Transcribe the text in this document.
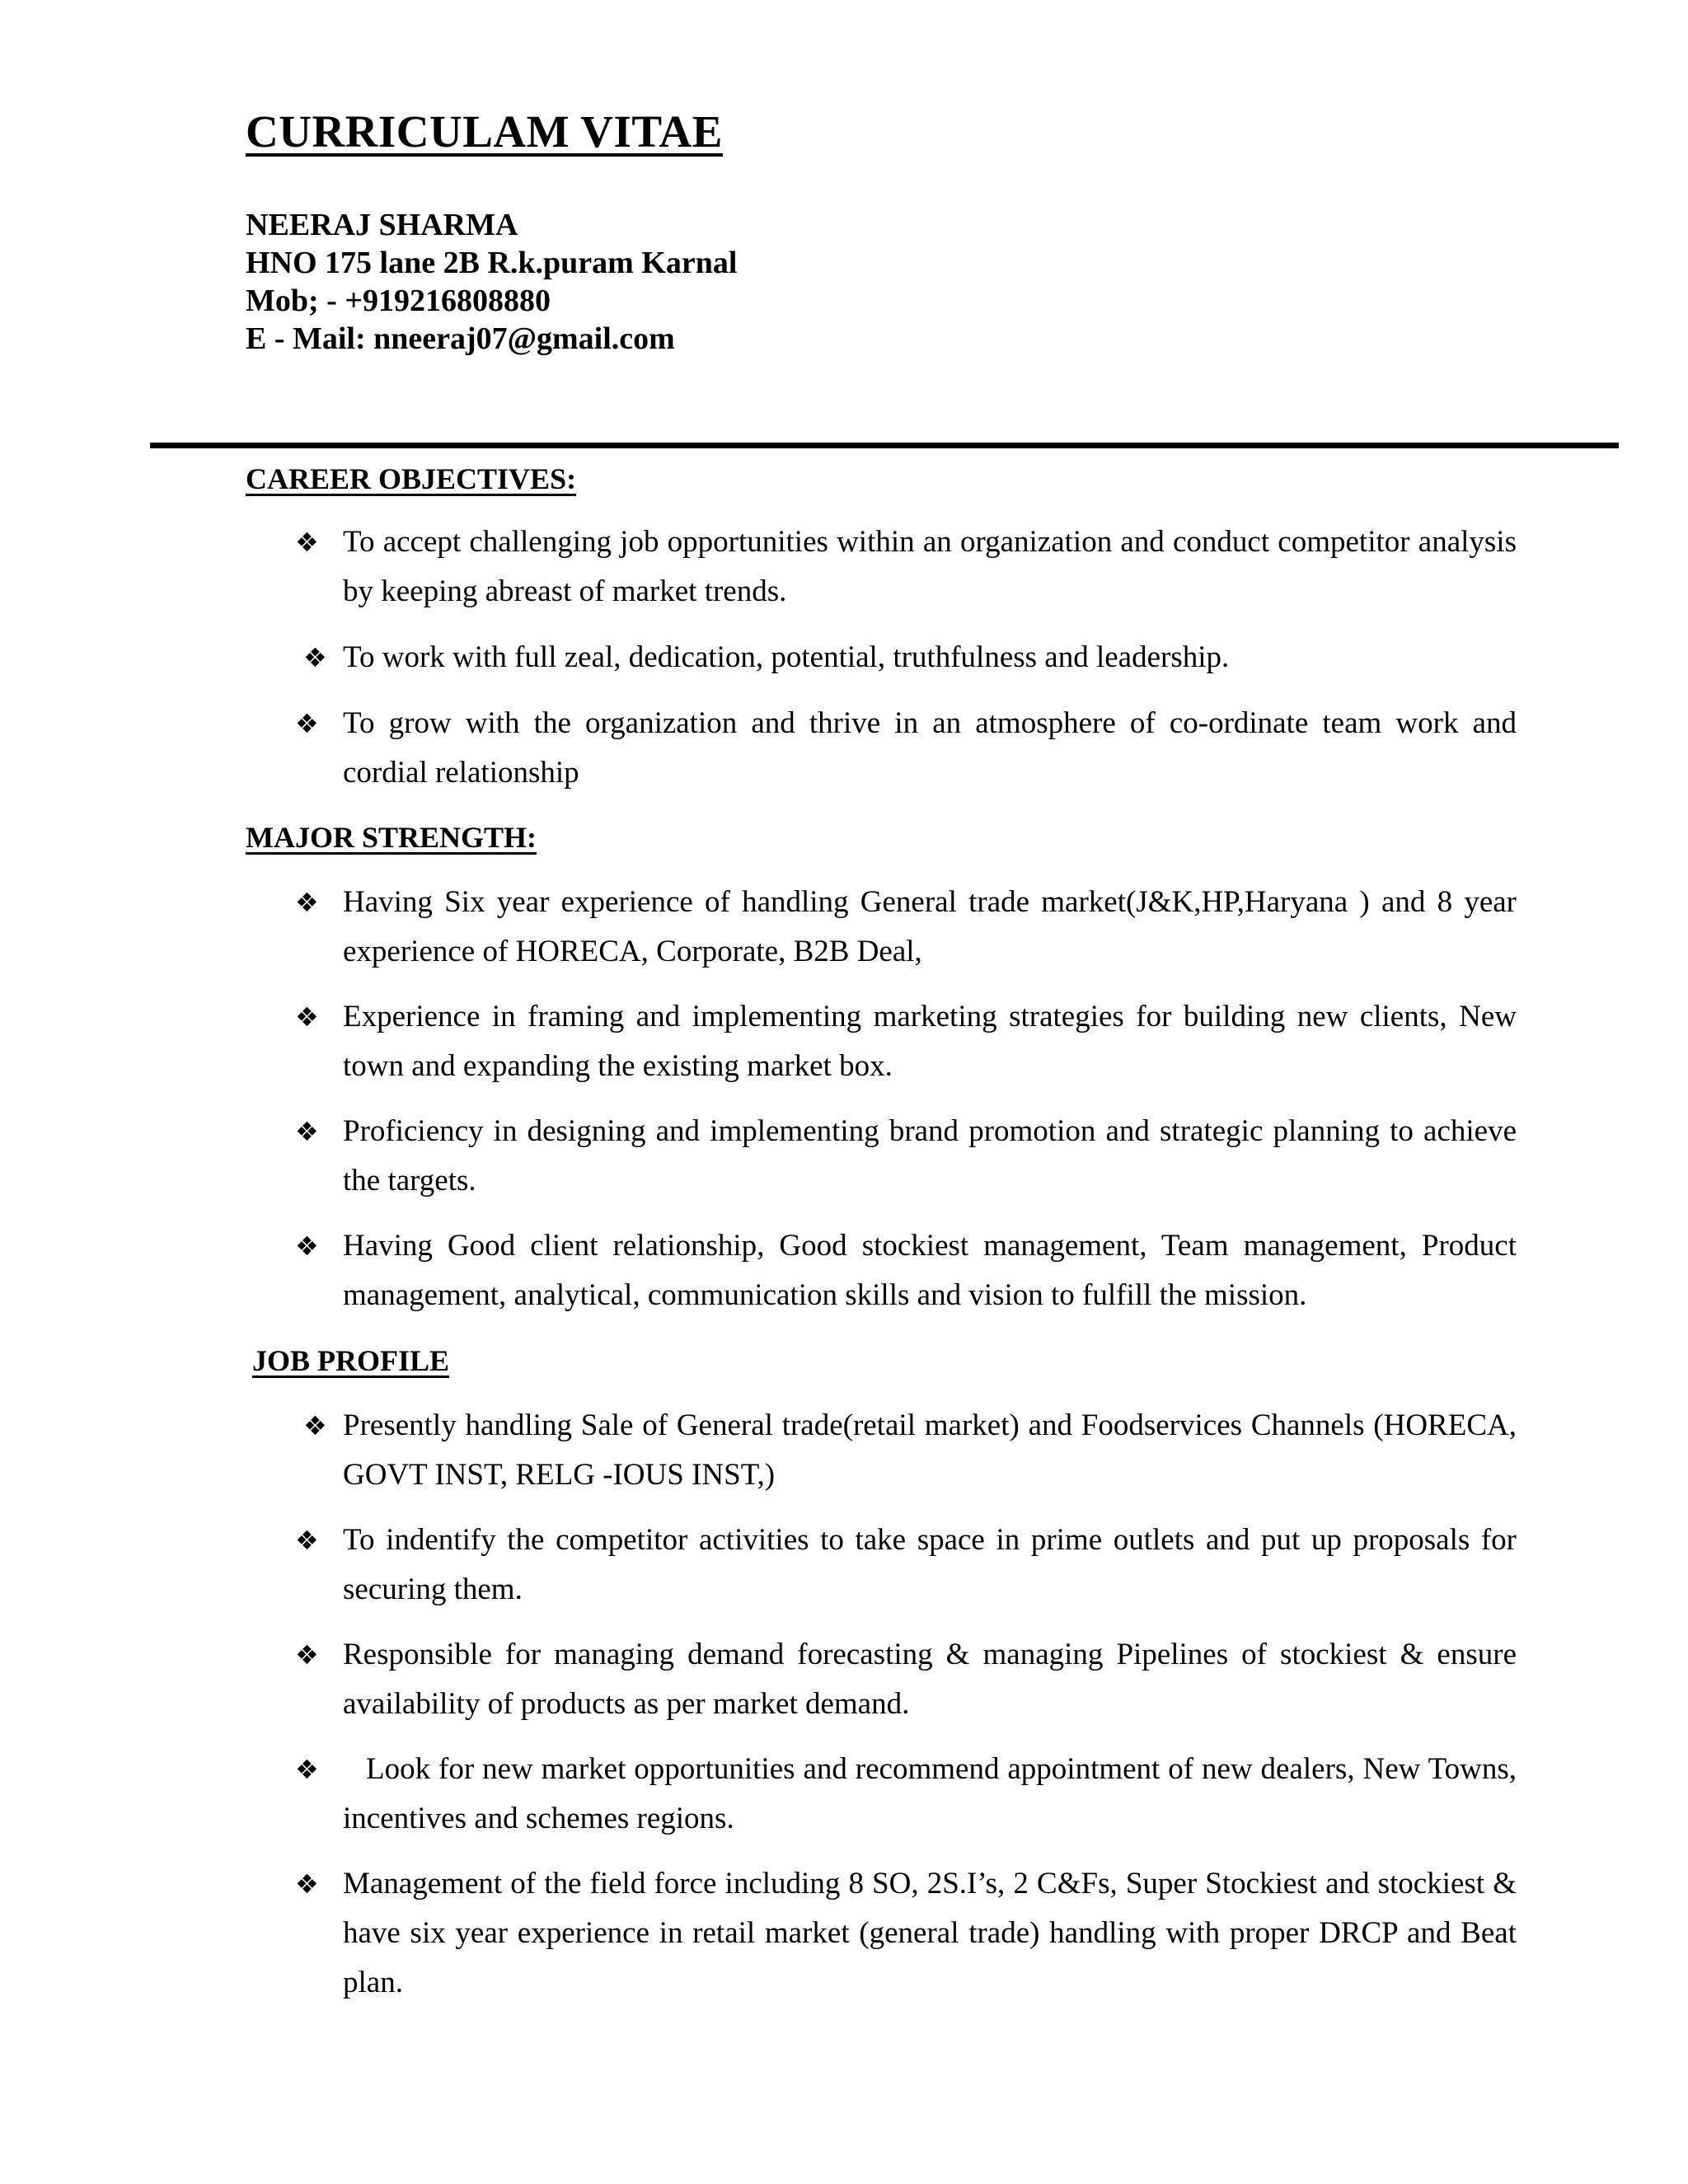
CURRICULAM VITAE
NEERAJ SHARMA
HNO 175 lane 2B R.k.puram Karnal
Mob; - +919216808880
E - Mail: nneeraj07@gmail.com
CAREER OBJECTIVES:
❖ To accept challenging job opportunities within an organization and conduct competitor analysis by keeping abreast of market trends.
❖ To work with full zeal, dedication, potential, truthfulness and leadership.
❖ To grow with the organization and thrive in an atmosphere of co-ordinate team work and cordial relationship
MAJOR STRENGTH:
❖ Having Six year experience of handling General trade market(J&K,HP,Haryana ) and 8 year experience of HORECA, Corporate, B2B Deal,
❖ Experience in framing and implementing marketing strategies for building new clients, New town and expanding the existing market box.
❖ Proficiency in designing and implementing brand promotion and strategic planning to achieve the targets.
❖ Having Good client relationship, Good stockiest management, Team management, Product management, analytical, communication skills and vision to fulfill the mission.
JOB PROFILE
❖ Presently handling Sale of General trade(retail market) and Foodservices Channels (HORECA, GOVT INST, RELG -IOUS INST,)
❖ To indentify the competitor activities to take space in prime outlets and put up proposals for securing them.
❖ Responsible for managing demand forecasting & managing Pipelines of stockiest & ensure availability of products as per market demand.
❖	Look for new market opportunities and recommend appointment of new dealers, New Towns, incentives and schemes regions.
❖ Management of the field force including 8 SO, 2S.I’s, 2 C&Fs, Super Stockiest and stockiest & have six year experience in retail market (general trade) handling with proper DRCP and Beat plan.
